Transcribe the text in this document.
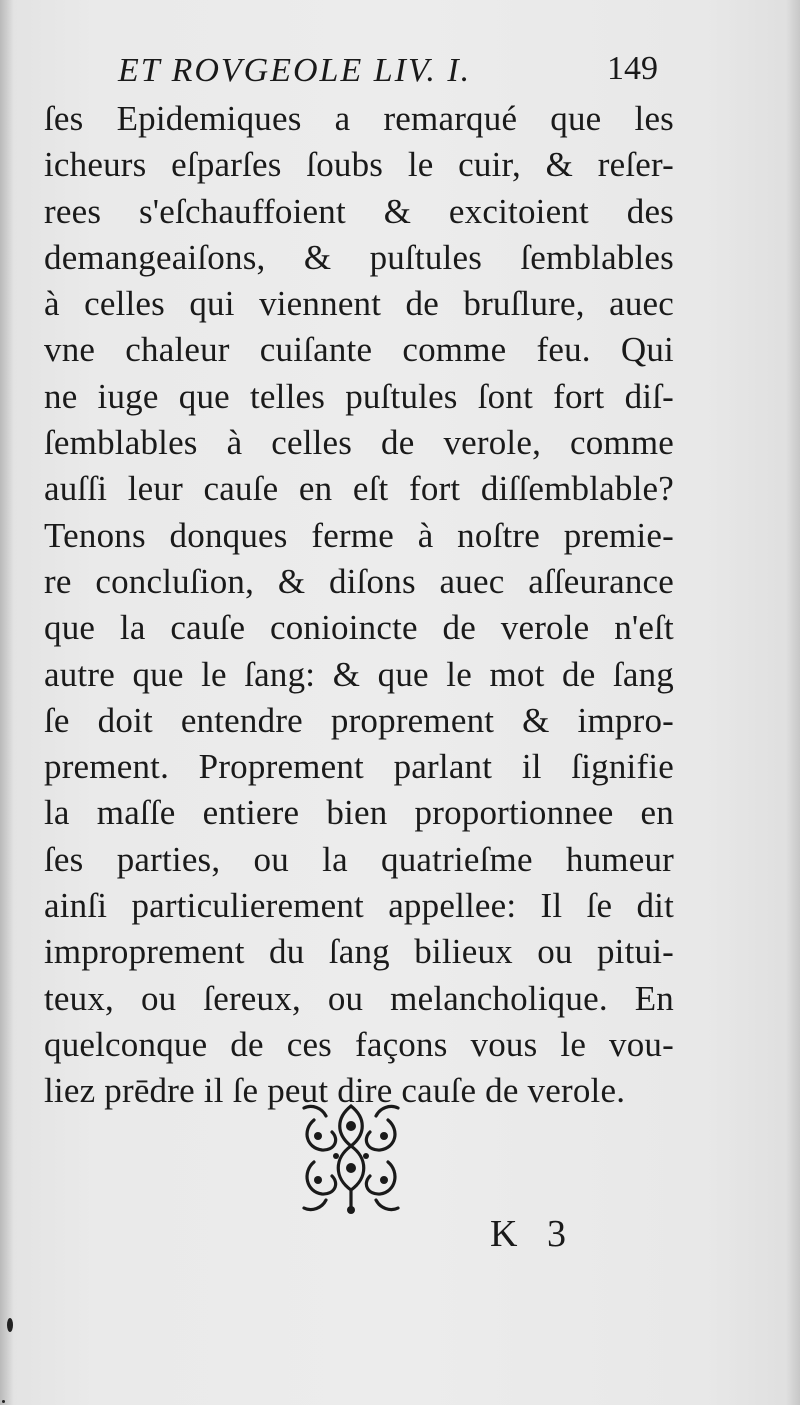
ET ROVGEOLE LIV. I.	149
ſes Epidemiques a remarqué que les
icheurs eſparſes ſoubs le cuir, & reſer-
rees s'eſchauffoient & excitoient des
demangeaiſons, & puſtules ſemblables
à celles qui viennent de bruſlure, auec
vne chaleur cuiſante comme feu. Qui
ne iuge que telles puſtules ſont fort diſ-
ſemblables à celles de verole, comme
auſſi leur cauſe en eſt fort diſſemblable?
Tenons donques ferme à noſtre premie-
re concluſion, & diſons auec aſſeurance
que la cauſe conioincte de verole n'eſt
autre que le ſang: & que le mot de ſang
ſe doit entendre proprement & impro-
prement. Proprement parlant il ſignifie
la maſſe entiere bien proportionnee en
ſes parties, ou la quatrieſme humeur
ainſi particulierement appellee: Il ſe dit
improprement du ſang bilieux ou pitui-
teux, ou ſereux, ou melancholique. En
quelconque de ces façons vous le vou-
liez prēdre il ſe peut dire cauſe de verole.
K 3
